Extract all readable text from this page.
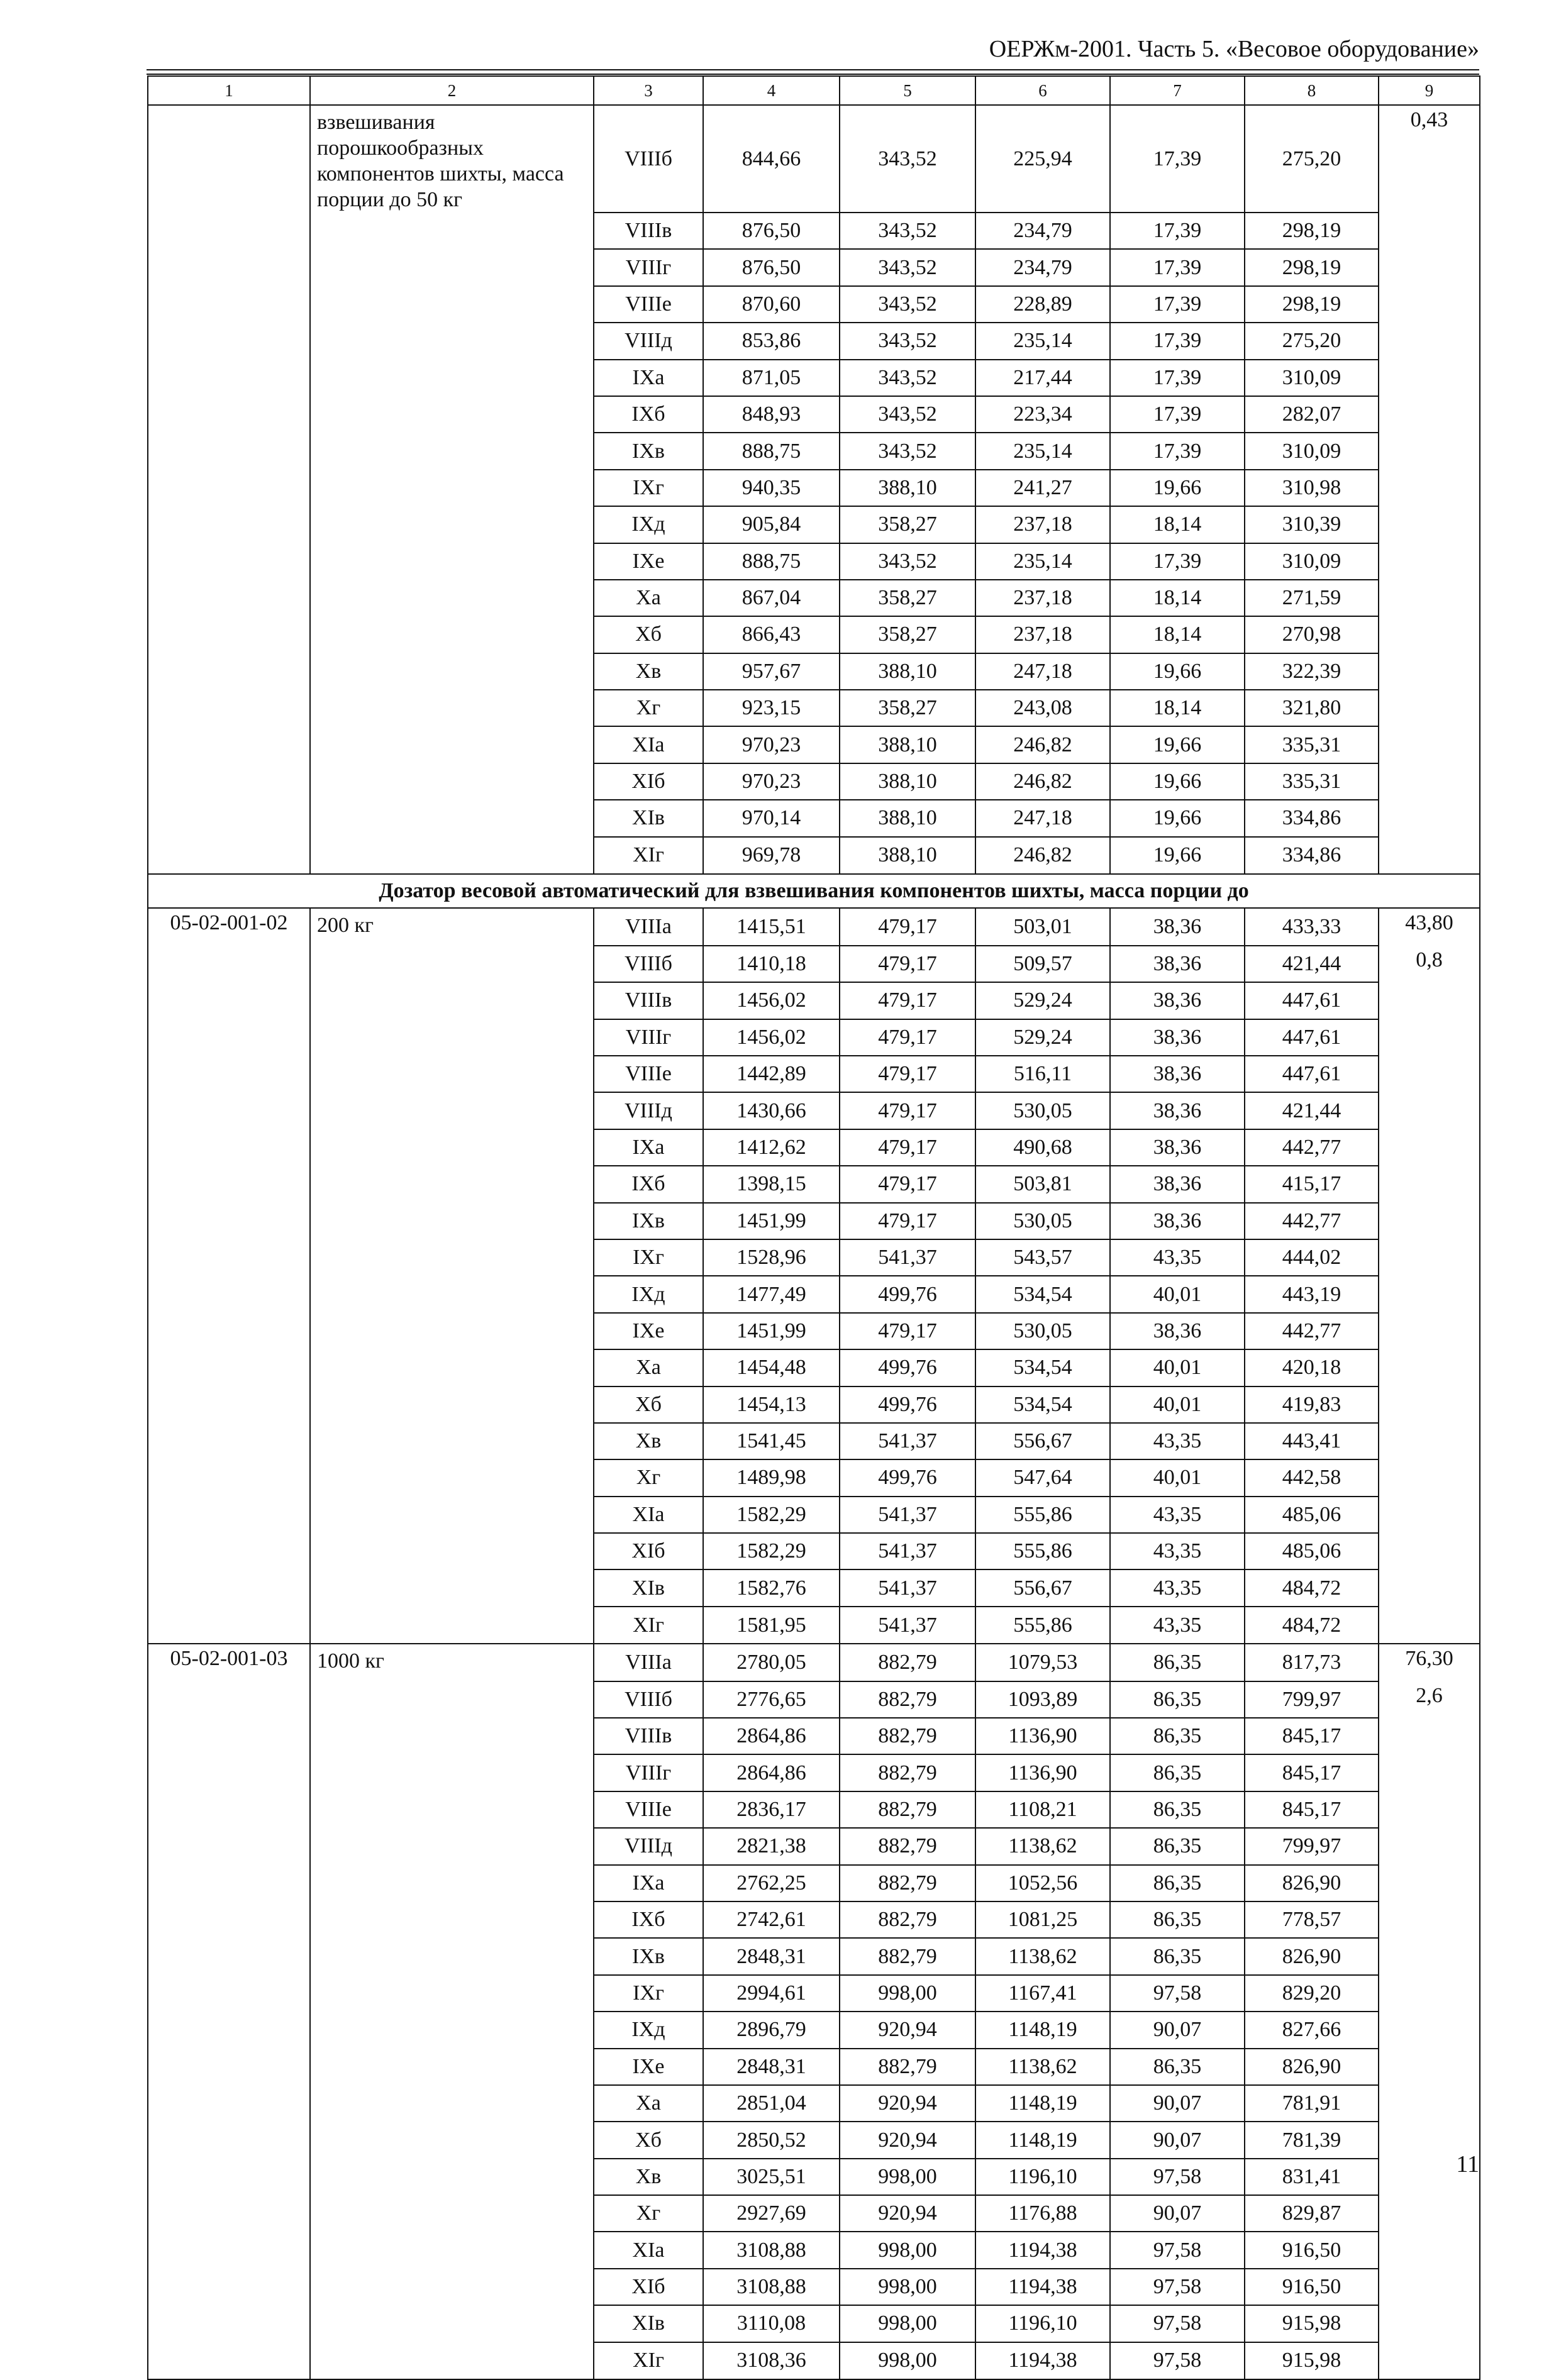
ОЕРЖм-2001. Часть 5. «Весовое оборудование»
1	2	3	4	5	6	7	8	9
	взвешивания порошкообразных компонентов шихты, масса порции до 50 кг	VIIIб	844,66	343,52	225,94	17,39	275,20	0,43
		VIIIв	876,50	343,52	234,79	17,39	298,19	
		VIIIг	876,50	343,52	234,79	17,39	298,19	
		VIIIе	870,60	343,52	228,89	17,39	298,19	
		VIIIд	853,86	343,52	235,14	17,39	275,20	
		IXа	871,05	343,52	217,44	17,39	310,09	
		IXб	848,93	343,52	223,34	17,39	282,07	
		IXв	888,75	343,52	235,14	17,39	310,09	
		IXг	940,35	388,10	241,27	19,66	310,98	
		IXд	905,84	358,27	237,18	18,14	310,39	
		IXе	888,75	343,52	235,14	17,39	310,09	
		Xа	867,04	358,27	237,18	18,14	271,59	
		Xб	866,43	358,27	237,18	18,14	270,98	
		Xв	957,67	388,10	247,18	19,66	322,39	
		Xг	923,15	358,27	243,08	18,14	321,80	
		XIа	970,23	388,10	246,82	19,66	335,31	
		XIб	970,23	388,10	246,82	19,66	335,31	
		XIв	970,14	388,10	247,18	19,66	334,86	
		XIг	969,78	388,10	246,82	19,66	334,86	
Дозатор весовой автоматический для взвешивания компонентов шихты, масса порции до								
05-02-001-02	200 кг	VIIIа	1415,51	479,17	503,01	38,36	433,33	43,80
		VIIIб	1410,18	479,17	509,57	38,36	421,44	0,8
		VIIIв	1456,02	479,17	529,24	38,36	447,61	
		VIIIг	1456,02	479,17	529,24	38,36	447,61	
		VIIIе	1442,89	479,17	516,11	38,36	447,61	
		VIIIд	1430,66	479,17	530,05	38,36	421,44	
		IXа	1412,62	479,17	490,68	38,36	442,77	
		IXб	1398,15	479,17	503,81	38,36	415,17	
		IXв	1451,99	479,17	530,05	38,36	442,77	
		IXг	1528,96	541,37	543,57	43,35	444,02	
		IXд	1477,49	499,76	534,54	40,01	443,19	
		IXе	1451,99	479,17	530,05	38,36	442,77	
		Xа	1454,48	499,76	534,54	40,01	420,18	
		Xб	1454,13	499,76	534,54	40,01	419,83	
		Xв	1541,45	541,37	556,67	43,35	443,41	
		Xг	1489,98	499,76	547,64	40,01	442,58	
		XIа	1582,29	541,37	555,86	43,35	485,06	
		XIб	1582,29	541,37	555,86	43,35	485,06	
		XIв	1582,76	541,37	556,67	43,35	484,72	
		XIг	1581,95	541,37	555,86	43,35	484,72	
05-02-001-03	1000 кг	VIIIа	2780,05	882,79	1079,53	86,35	817,73	76,30
		VIIIб	2776,65	882,79	1093,89	86,35	799,97	2,6
		VIIIв	2864,86	882,79	1136,90	86,35	845,17	
		VIIIг	2864,86	882,79	1136,90	86,35	845,17	
		VIIIе	2836,17	882,79	1108,21	86,35	845,17	
		VIIIд	2821,38	882,79	1138,62	86,35	799,97	
		IXа	2762,25	882,79	1052,56	86,35	826,90	
		IXб	2742,61	882,79	1081,25	86,35	778,57	
		IXв	2848,31	882,79	1138,62	86,35	826,90	
		IXг	2994,61	998,00	1167,41	97,58	829,20	
		IXд	2896,79	920,94	1148,19	90,07	827,66	
		IXе	2848,31	882,79	1138,62	86,35	826,90	
		Xа	2851,04	920,94	1148,19	90,07	781,91	
		Xб	2850,52	920,94	1148,19	90,07	781,39	
		Xв	3025,51	998,00	1196,10	97,58	831,41	
		Xг	2927,69	920,94	1176,88	90,07	829,87	
		XIа	3108,88	998,00	1194,38	97,58	916,50	
		XIб	3108,88	998,00	1194,38	97,58	916,50	
		XIв	3110,08	998,00	1196,10	97,58	915,98	
		XIг	3108,36	998,00	1194,38	97,58	915,98	
11
